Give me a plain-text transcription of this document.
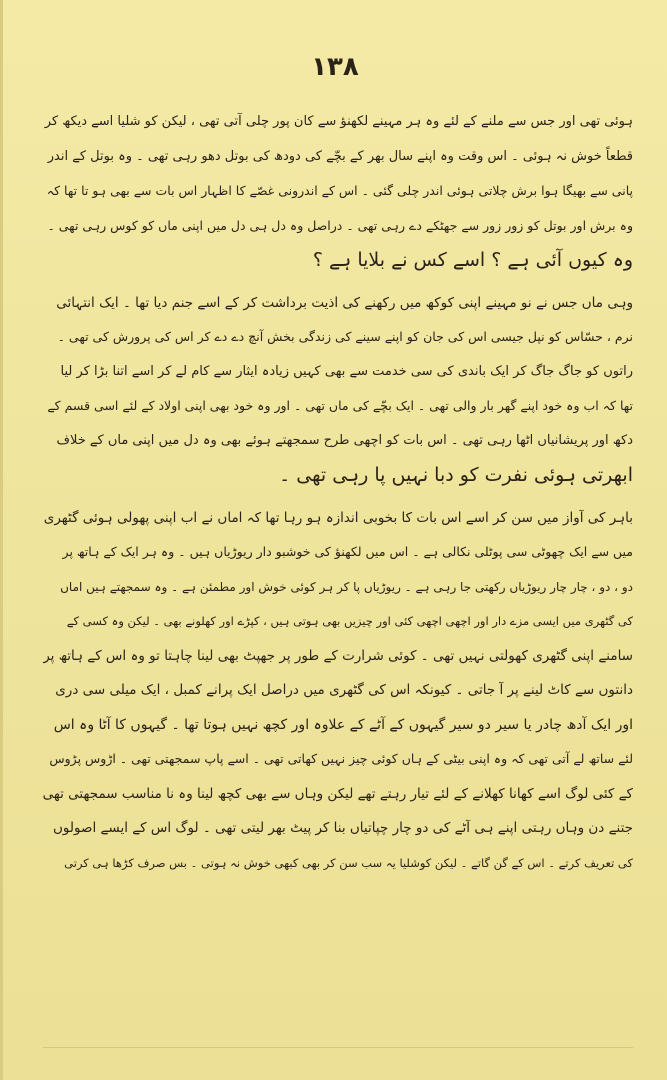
۱۳۸

ہوئی تھی اور جس سے ملنے کے لئے وہ ہر مہینے لکھنؤ سے کان پور چلی آتی تھی ، لیکن کو شلیا اسے دیکھ کر
قطعاً خوش نہ ہوئی ۔ اس وقت وہ اپنے سال بھر کے بچّے کی دودھ کی بوتل دھو رہی تھی ۔ وہ بوتل کے اندر
پانی سے بھیگا ہوا برش چلاتی ہوئی اندر چلی گئی ۔ اس کے اندرونی غصّے کا اظہار اس بات سے بھی ہو تا تھا کہ
وہ برش اور بوتل کو زور زور سے جھٹکے دے رہی تھی ۔ دراصل وہ دل ہی دل میں اپنی ماں کو کوس رہی تھی ۔
وہ کیوں آئی ہے ؟ اسے کس نے بلایا ہے ؟

وہی ماں جس نے نو مہینے اپنی کوکھ میں رکھنے کی اذیت برداشت کر کے اسے جنم دیا تھا ۔ ایک انتہائی
نرم ، حسّاس کو نپل جیسی اس کی جان کو اپنے سینے کی زندگی بخش آنچ دے دے کر اس کی پرورش کی تھی ۔
راتوں کو جاگ جاگ کر ایک باندی کی سی خدمت سے بھی کہیں زیادہ ایثار سے کام لے کر اسے اتنا بڑا کر لیا
تھا کہ اب وہ خود اپنے گھر بار والی تھی ۔ ایک بچّے کی ماں تھی ۔ اور وہ خود بھی اپنی اولاد کے لئے اسی قسم کے
دکھ اور پریشانیاں اٹھا رہی تھی ۔ اس بات کو اچھی طرح سمجھتے ہوئے بھی وہ دل میں اپنی ماں کے خلاف
ابھرتی ہوئی نفرت کو دبا نہیں پا رہی تھی ۔

باہر کی آواز میں سن کر اسے اس بات کا بخوبی اندازہ ہو رہا تھا کہ اماں نے اب اپنی پھولی ہوئی گٹھری
میں سے ایک چھوٹی سی پوٹلی نکالی ہے ۔ اس میں لکھنؤ کی خوشبو دار ریوڑیاں ہیں ۔ وہ ہر ایک کے ہاتھ پر
دو ، دو ، چار چار ریوڑیاں رکھتی جا رہی ہے ۔ ریوڑیاں پا کر ہر کوئی خوش اور مطمئن ہے ۔ وہ سمجھتے ہیں اماں
کی گٹھری میں ایسی مزے دار اور اچھی اچھی کئی اور چیزیں بھی ہوتی ہیں ، کپڑے اور کھلونے بھی ۔ لیکن وہ کسی کے
سامنے اپنی گٹھری کھولتی نہیں تھی ۔ کوئی شرارت کے طور پر جھپٹ بھی لینا چاہتا تو وہ اس کے ہاتھ پر
دانتوں سے کاٹ لینے پر آ جاتی ۔ کیونکہ اس کی گٹھری میں دراصل ایک پرانے کمبل ، ایک میلی سی دری
اور ایک آدھ چادر یا سیر دو سیر گیہوں کے آٹے کے علاوہ اور کچھ نہیں ہوتا تھا ۔ گیہوں کا آٹا وہ اس
لئے ساتھ لے آتی تھی کہ وہ اپنی بیٹی کے ہاں کوئی چیز نہیں کھاتی تھی ۔ اسے پاپ سمجھتی تھی ۔ اڑوس پڑوس
کے کئی لوگ اسے کھانا کھلانے کے لئے تیار رہتے تھے لیکن وہاں سے بھی کچھ لینا وہ نا مناسب سمجھتی تھی
جتنے دن وہاں رہتی اپنے ہی آٹے کی دو چار چپاتیاں بنا کر پیٹ بھر لیتی تھی ۔ لوگ اس کے ایسے اصولوں
کی تعریف کرتے ۔ اس کے گن گاتے ۔ لیکن کوشلیا یہ سب سن کر بھی کبھی خوش نہ ہوتی ۔ بس صرف کڑھا ہی کرتی
